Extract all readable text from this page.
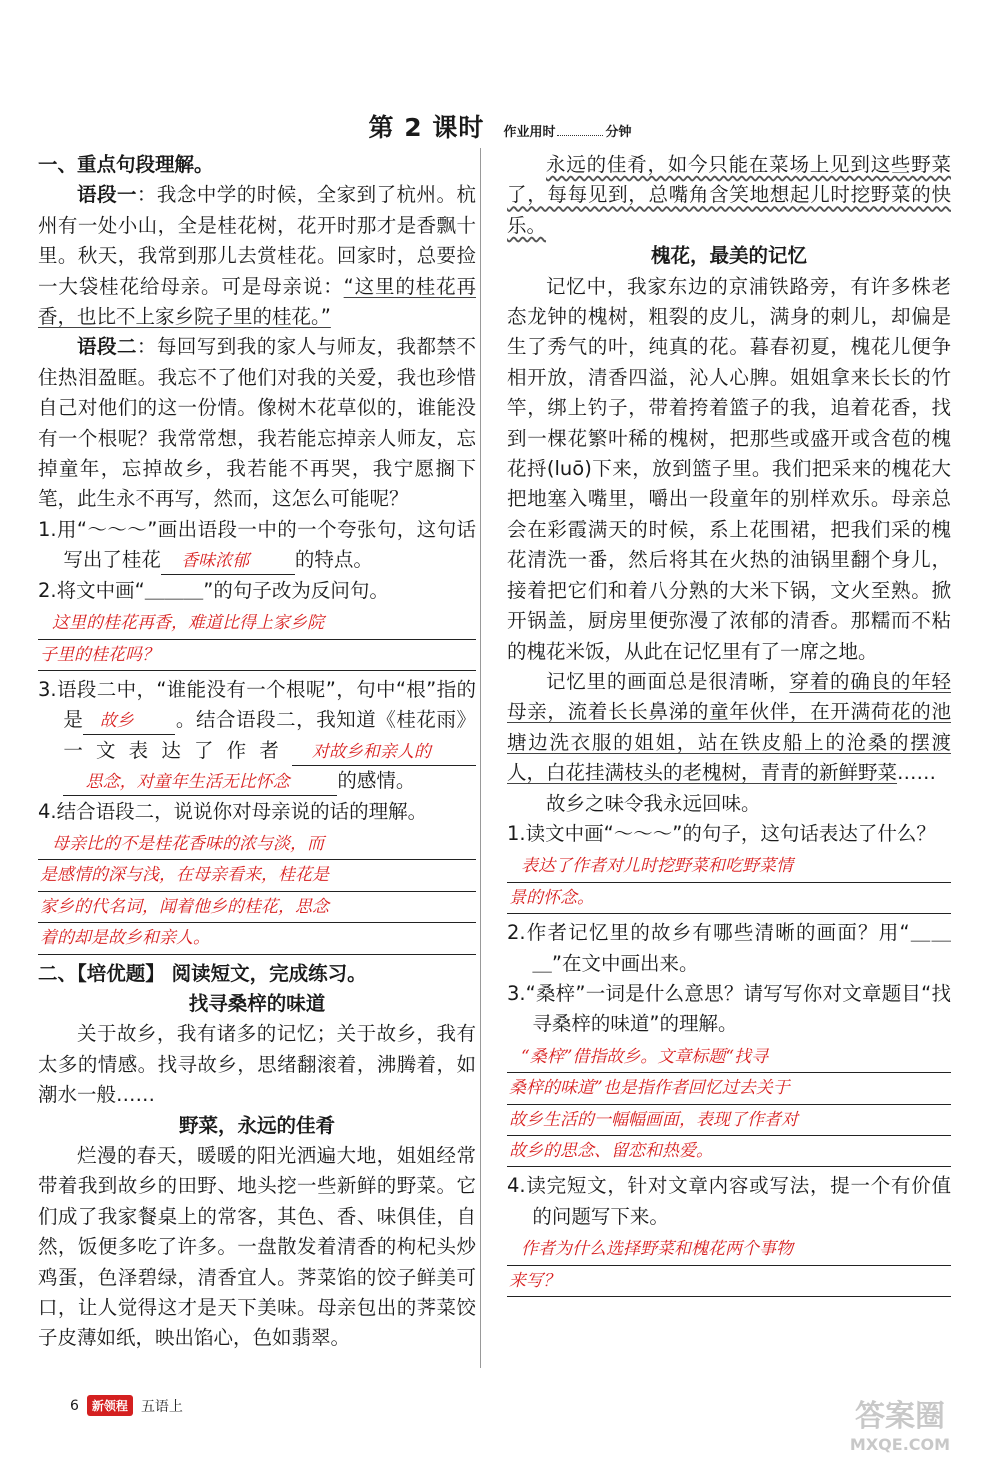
第 2 课时 作业用时	分钟

一、重点句段理解。

语段一：我念中学的时候，全家到了杭州。杭州有一处小山，全是桂花树，花开时那才是香飘十里。秋天，我常到那儿去赏桂花。回家时，总要捡一大袋桂花给母亲。可是母亲说：“这里的桂花再香，也比不上家乡院子里的桂花。”

语段二：每回写到我的家人与师友，我都禁不住热泪盈眶。我忘不了他们对我的关爱，我也珍惜自己对他们的这一份情。像树木花草似的，谁能没有一个根呢？我常常想，我若能忘掉亲人师友，忘掉童年，忘掉故乡，我若能不再哭，我宁愿搁下笔，此生永不再写，然而，这怎么可能呢？

1.用“～～～”画出语段一中的一个夸张句，这句话写出了桂花 香味浓郁 的特点。

2.将文中画“＿＿＿”的句子改为反问句。

这里的桂花再香，难道比得上家乡院
子里的桂花吗？

3.语段二中，“谁能没有一个根呢”，句中“根”指的是 故乡 。结合语段二，我知道《桂花雨》一文表达了作者 对故乡和亲人的思念，对童年生活无比怀念 的感情。

4.结合语段二，说说你对母亲说的话的理解。

母亲比的不是桂花香味的浓与淡，而
是感情的深与浅，在母亲看来，桂花是
家乡的代名词，闻着他乡的桂花，思念
着的却是故乡和亲人。

二、【培优题】 阅读短文，完成练习。

找寻桑梓的味道

关于故乡，我有诸多的记忆；关于故乡，我有太多的情感。找寻故乡，思绪翻滚着，沸腾着，如潮水一般……

野菜，永远的佳肴

烂漫的春天，暖暖的阳光洒遍大地，姐姐经常带着我到故乡的田野、地头挖一些新鲜的野菜。它们成了我家餐桌上的常客，其色、香、味俱佳，自然，饭便多吃了许多。一盘散发着清香的枸杞头炒鸡蛋，色泽碧绿，清香宜人。荠菜馅的饺子鲜美可口，让人觉得这才是天下美味。母亲包出的荠菜饺子皮薄如纸，映出馅心，色如翡翠。

永远的佳肴，如今只能在菜场上见到这些野菜了，每每见到，总嘴角含笑地想起儿时挖野菜的快乐。

槐花，最美的记忆

记忆中，我家东边的京浦铁路旁，有许多株老态龙钟的槐树，粗裂的皮儿，满身的刺儿，却偏是生了秀气的叶，纯真的花。暮春初夏，槐花儿便争相开放，清香四溢，沁人心脾。姐姐拿来长长的竹竿，绑上钓子，带着挎着篮子的我，追着花香，找到一棵花繁叶稀的槐树，把那些或盛开或含苞的槐花捋(luō)下来，放到篮子里。我们把采来的槐花大把地塞入嘴里，嚼出一段童年的别样欢乐。母亲总会在彩霞满天的时候，系上花围裙，把我们采的槐花清洗一番，然后将其在火热的油锅里翻个身儿，接着把它们和着八分熟的大米下锅，文火至熟。掀开锅盖，厨房里便弥漫了浓郁的清香。那糯而不粘的槐花米饭，从此在记忆里有了一席之地。

记忆里的画面总是很清晰，穿着的确良的年轻母亲，流着长长鼻涕的童年伙伴，在开满荷花的池塘边洗衣服的姐姐，站在铁皮船上的沧桑的摆渡人，白花挂满枝头的老槐树，青青的新鲜野菜……

故乡之味令我永远回味。

1.读文中画“～～～”的句子，这句话表达了什么？

表达了作者对儿时挖野菜和吃野菜情
景的怀念。

2.作者记忆里的故乡有哪些清晰的画面？用“＿＿＿”在文中画出来。

3.“桑梓”一词是什么意思？请写写你对文章题目“找寻桑梓的味道”的理解。

“桑梓”借指故乡。文章标题“找寻
桑梓的味道”也是指作者回忆过去关于
故乡生活的一幅幅画面，表现了作者对
故乡的思念、留恋和热爱。

4.读完短文，针对文章内容或写法，提一个有价值的问题写下来。

作者为什么选择野菜和槐花两个事物
来写？

6	新领程 五语上	答案圈
MXQE.COM
